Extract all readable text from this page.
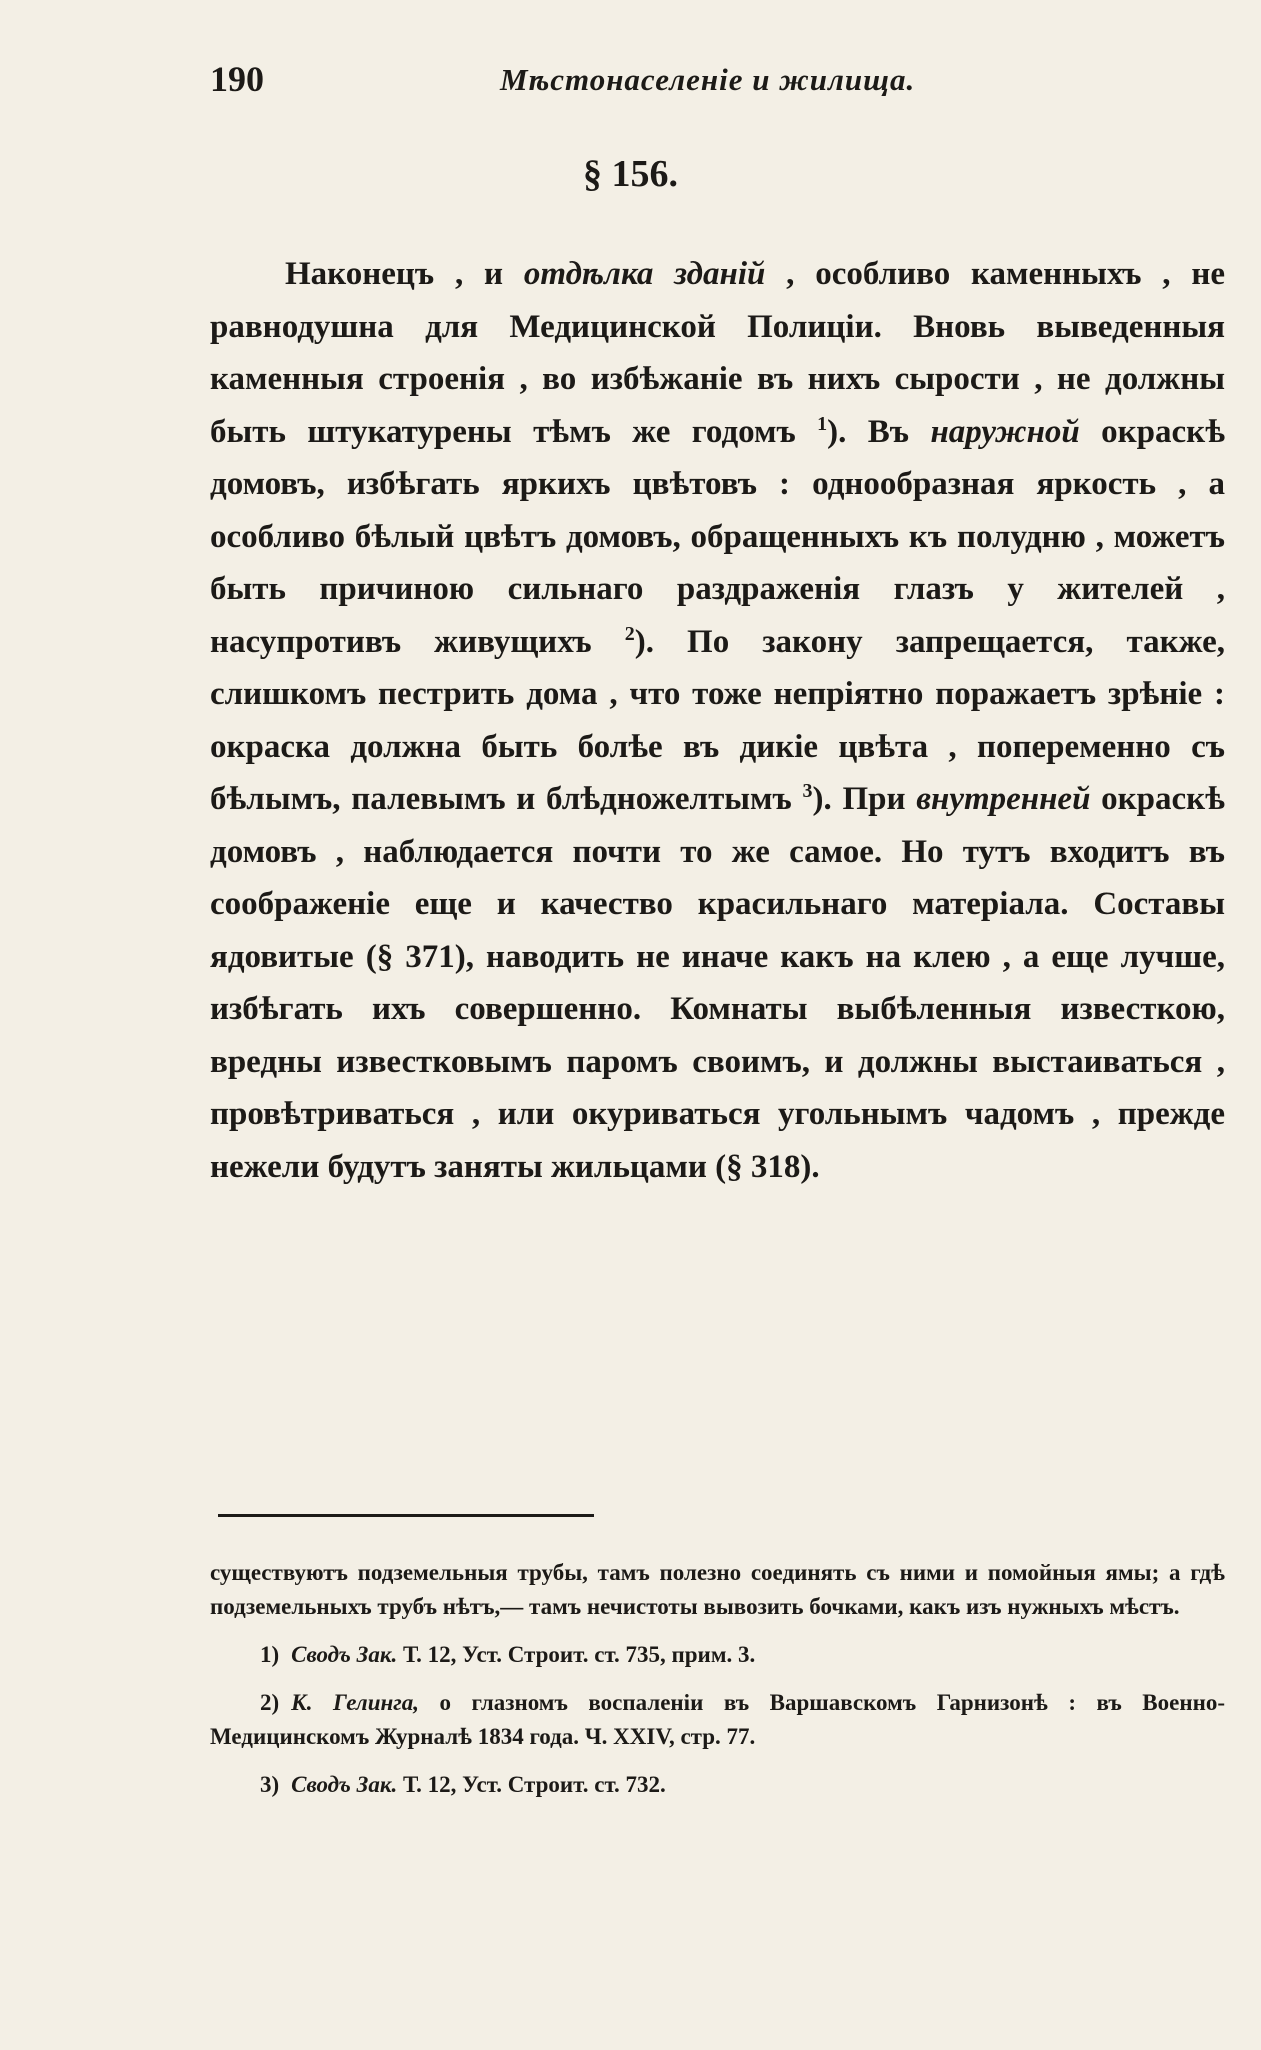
190	Мѣстонаселеніе и жилища.
§ 156.

Наконецъ , и отдѣлка зданій , особливо каменныхъ , не равнодушна для Медицинской Полиціи. Вновь выведенныя каменныя строенія , во избѣжаніе въ нихъ сырости , не должны быть штукатурены тѣмъ же годомъ $^1$). Въ наружной окраскѣ домовъ, избѣгать яркихъ цвѣтовъ : однообразная яркость , а особливо бѣлый цвѣтъ домовъ, обращенныхъ къ полудню , можетъ быть причиною сильнаго раздраженія глазъ у жителей , насупротивъ живущихъ $^2$). По закону запрещается, также, слишкомъ пестрить дома , что тоже непріятно поражаетъ зрѣніе : окраска должна быть болѣе въ дикіе цвѣта , попеременно съ бѣлымъ, палевымъ и блѣдножелтымъ $^3$). При внутренней окраскѣ домовъ , наблюдается почти то же самое. Но тутъ входитъ въ соображеніе еще и качество красильнаго матеріала. Составы ядовитые (§ 371), наводить не иначе какъ на клею , а еще лучше, избѣгать ихъ совершенно. Комнаты выбѣленныя известкою, вредны известковымъ паромъ своимъ, и должны выстаиваться , провѣтриваться , или окуриваться угольнымъ чадомъ , прежде нежели будутъ заняты жильцами (§ 318).

существуютъ подземельныя трубы, тамъ полезно соединять съ ними и помойныя ямы; а гдѣ подземельныхъ трубъ нѣтъ,— тамъ нечистоты вывозить бочками, какъ изъ нужныхъ мѣстъ.
1) Сводъ Зак. Т. 12, Уст. Строит. ст. 735, прим. 3.
2) К. Гелинга, о глазномъ воспаленіи въ Варшавскомъ Гарнизонѣ : въ Военно-Медицинскомъ Журналѣ 1834 года. Ч. XXIV, стр. 77.
3) Сводъ Зак. Т. 12, Уст. Строит. ст. 732.
